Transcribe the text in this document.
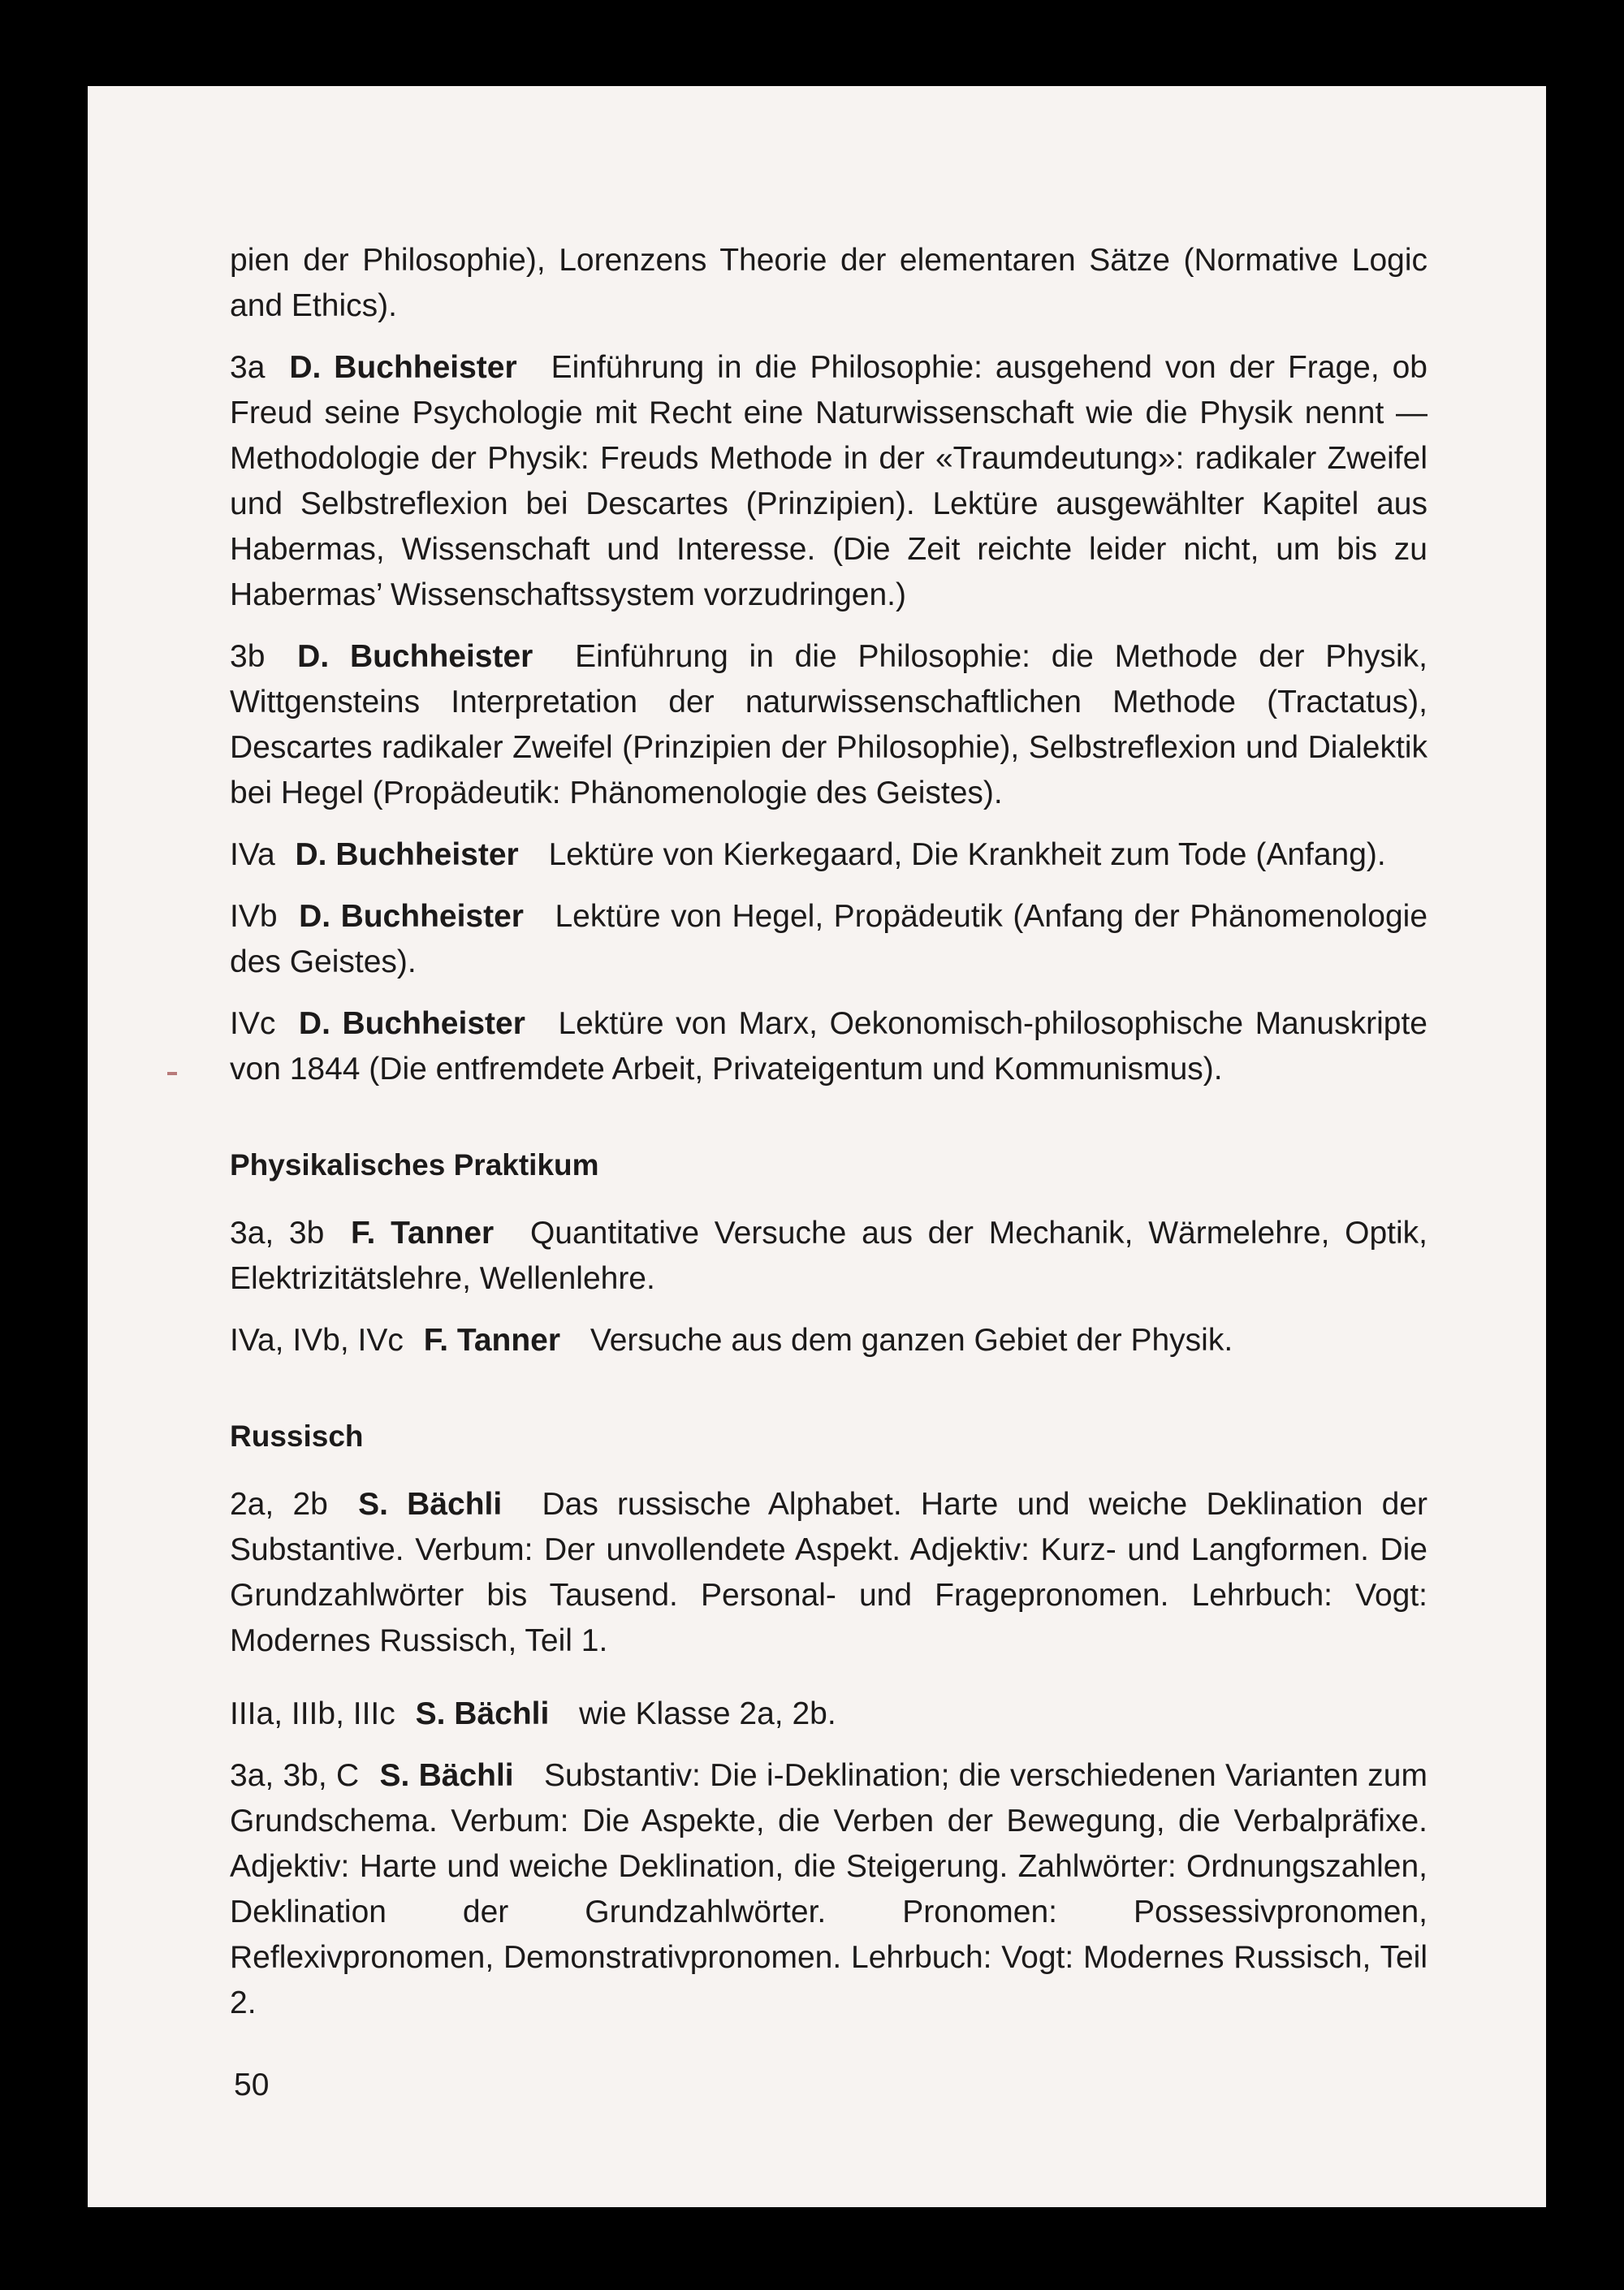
pien der Philosophie), Lorenzens Theorie der elementaren Sätze (Normative Logic and Ethics).

3a D. Buchheister Einführung in die Philosophie: ausgehend von der Frage, ob Freud seine Psychologie mit Recht eine Naturwissenschaft wie die Physik nennt — Methodologie der Physik: Freuds Methode in der «Traumdeutung»: radikaler Zweifel und Selbstreflexion bei Descartes (Prinzipien). Lektüre ausgewählter Kapitel aus Habermas, Wissenschaft und Interesse. (Die Zeit reichte leider nicht, um bis zu Habermas’ Wissenschaftssystem vorzudringen.)

3b D. Buchheister Einführung in die Philosophie: die Methode der Physik, Wittgensteins Interpretation der naturwissenschaftlichen Methode (Tractatus), Descartes radikaler Zweifel (Prinzipien der Philosophie), Selbstreflexion und Dialektik bei Hegel (Propädeutik: Phänomenologie des Geistes).

IVa D. Buchheister Lektüre von Kierkegaard, Die Krankheit zum Tode (Anfang).

IVb D. Buchheister Lektüre von Hegel, Propädeutik (Anfang der Phänomenologie des Geistes).

IVc D. Buchheister Lektüre von Marx, Oekonomisch-philosophische Manuskripte von 1844 (Die entfremdete Arbeit, Privateigentum und Kommunismus).

Physikalisches Praktikum

3a, 3b F. Tanner Quantitative Versuche aus der Mechanik, Wärmelehre, Optik, Elektrizitätslehre, Wellenlehre.

IVa, IVb, IVc F. Tanner Versuche aus dem ganzen Gebiet der Physik.

Russisch

2a, 2b S. Bächli Das russische Alphabet. Harte und weiche Deklination der Substantive. Verbum: Der unvollendete Aspekt. Adjektiv: Kurz- und Langformen. Die Grundzahlwörter bis Tausend. Personal- und Fragepronomen. Lehrbuch: Vogt: Modernes Russisch, Teil 1.

IIIa, IIIb, IIIc S. Bächli wie Klasse 2a, 2b.

3a, 3b, C S. Bächli Substantiv: Die i-Deklination; die verschiedenen Varianten zum Grundschema. Verbum: Die Aspekte, die Verben der Bewegung, die Verbalpräfixe. Adjektiv: Harte und weiche Deklination, die Steigerung. Zahlwörter: Ordnungszahlen, Deklination der Grundzahlwörter. Pronomen: Possessivpronomen, Reflexivpronomen, Demonstrativpronomen. Lehrbuch: Vogt: Modernes Russisch, Teil 2.

50
